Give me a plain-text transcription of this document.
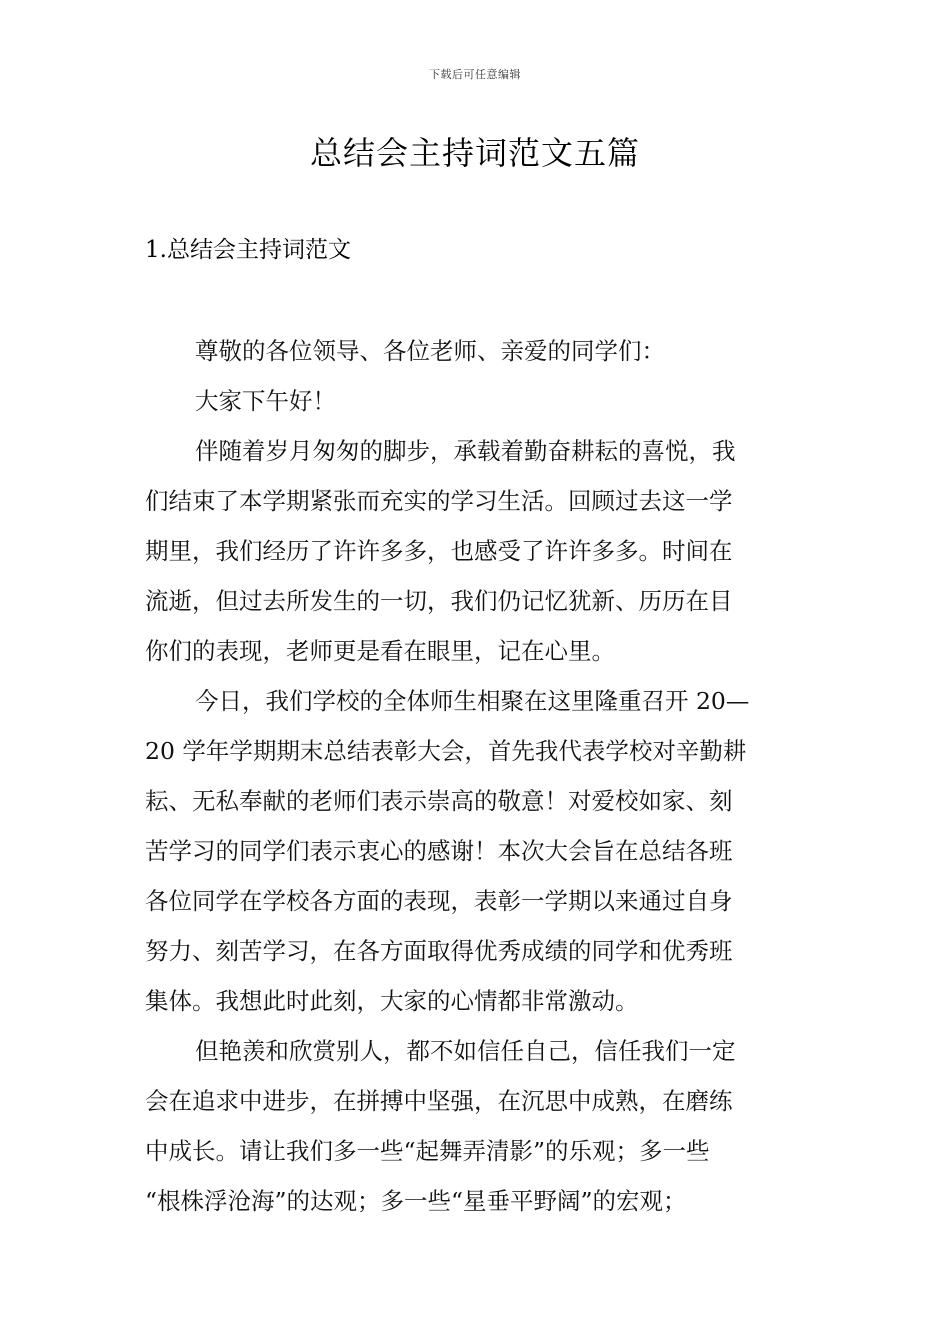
下载后可任意编辑
总结会主持词范文五篇
1.总结会主持词范文
尊敬的各位领导、各位老师、亲爱的同学们：
大家下午好！
伴随着岁月匆匆的脚步，承载着勤奋耕耘的喜悦，我
们结束了本学期紧张而充实的学习生活。回顾过去这一学
期里，我们经历了许许多多，也感受了许许多多。时间在
流逝，但过去所发生的一切，我们仍记忆犹新、历历在目
你们的表现，老师更是看在眼里，记在心里。
今日，我们学校的全体师生相聚在这里隆重召开 20—
20 学年学期期末总结表彰大会，首先我代表学校对辛勤耕
耘、无私奉献的老师们表示崇高的敬意！对爱校如家、刻
苦学习的同学们表示衷心的感谢！本次大会旨在总结各班
各位同学在学校各方面的表现，表彰一学期以来通过自身
努力、刻苦学习，在各方面取得优秀成绩的同学和优秀班
集体。我想此时此刻，大家的心情都非常激动。
但艳羡和欣赏别人，都不如信任自己，信任我们一定
会在追求中进步，在拼搏中坚强，在沉思中成熟，在磨练
中成长。请让我们多一些“起舞弄清影”的乐观；多一些
“根株浮沧海”的达观；多一些“星垂平野阔”的宏观；
